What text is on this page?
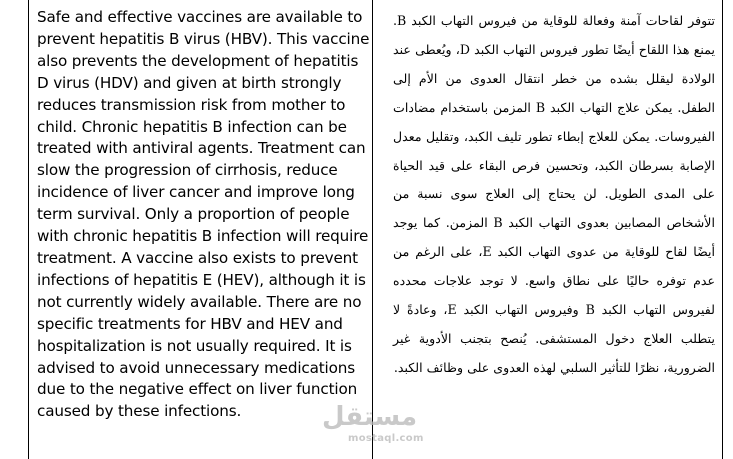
Safe and effective vaccines are available to prevent hepatitis B virus (HBV). This vaccine also prevents the development of hepatitis D virus (HDV) and given at birth strongly reduces transmission risk from mother to child. Chronic hepatitis B infection can be treated with antiviral agents. Treatment can slow the progression of cirrhosis, reduce incidence of liver cancer and improve long term survival. Only a proportion of people with chronic hepatitis B infection will require treatment. A vaccine also exists to prevent infections of hepatitis E (HEV), although it is not currently widely available. There are no specific treatments for HBV and HEV and hospitalization is not usually required. It is advised to avoid unnecessary medications due to the negative effect on liver function caused by these infections.
تتوفر لقاحات آمنة وفعالة للوقاية من فيروس التهاب الكبد B. يمنع هذا اللقاح أيضًا تطور فيروس التهاب الكبد D، ويُعطى عند الولادة ليقلل بشده من خطر انتقال العدوى من الأم إلى الطفل. يمكن علاج التهاب الكبد B المزمن باستخدام مضادات الفيروسات. يمكن للعلاج إبطاء تطور تليف الكبد، وتقليل معدل الإصابة بسرطان الكبد، وتحسين فرص البقاء على قيد الحياة على المدى الطويل. لن يحتاج إلى العلاج سوى نسبة من الأشخاص المصابين بعدوى التهاب الكبد B المزمن. كما يوجد أيضًا لقاح للوقاية من عدوى التهاب الكبد E، على الرغم من عدم توفره حاليًا على نطاق واسع. لا توجد علاجات محدده لفيروس التهاب الكبد B وفيروس التهاب الكبد E، وعادةً لا يتطلب العلاج دخول المستشفى. يُنصح بتجنب الأدوية غير الضرورية، نظرًا للتأثير السلبي لهذه العدوى على وظائف الكبد.
مستقل
mostaql.com
